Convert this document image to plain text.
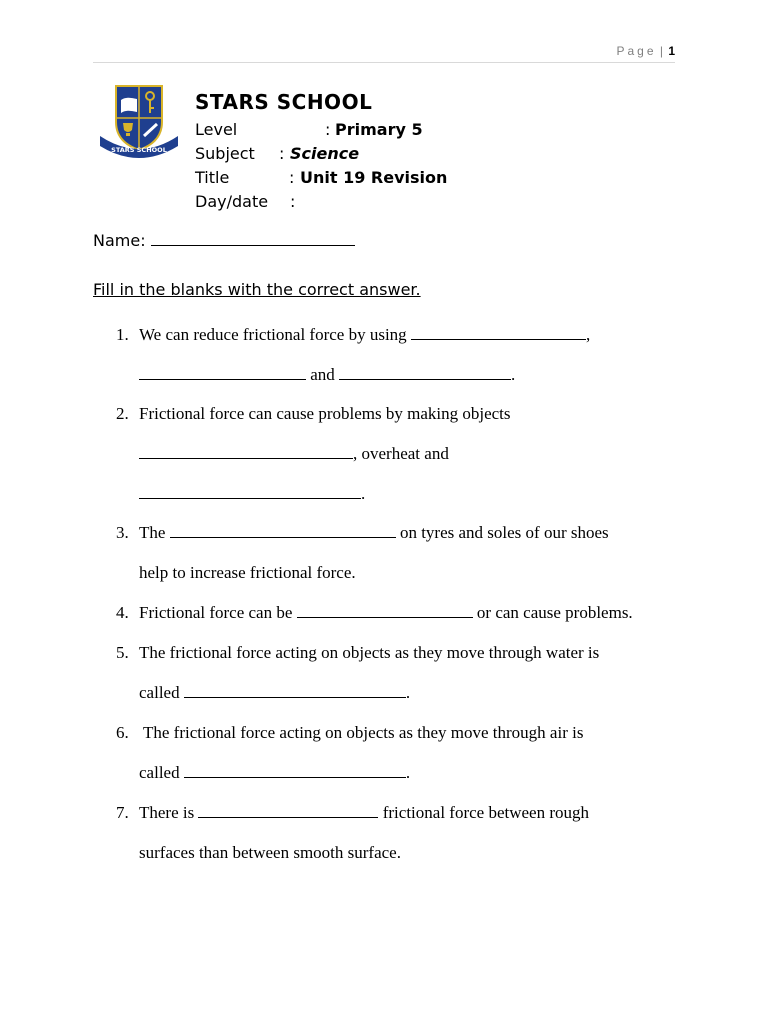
Page | 1
STARS SCHOOL
STARS SCHOOL
Level	: Primary 5
Subject : Science
Title	: Unit 19 Revision
Day/date :
Name:
Fill in the blanks with the correct answer.
1. We can reduce frictional force by using	,
and	.
2. Frictional force can cause problems by making objects
, overheat and
.
3. The	on tyres and soles of our shoes
help to increase frictional force.
4. Frictional force can be	or can cause problems.
5. The frictional force acting on objects as they move through water is
called	.
6. The frictional force acting on objects as they move through air is
called	.
7. There is	frictional force between rough
surfaces than between smooth surface.
